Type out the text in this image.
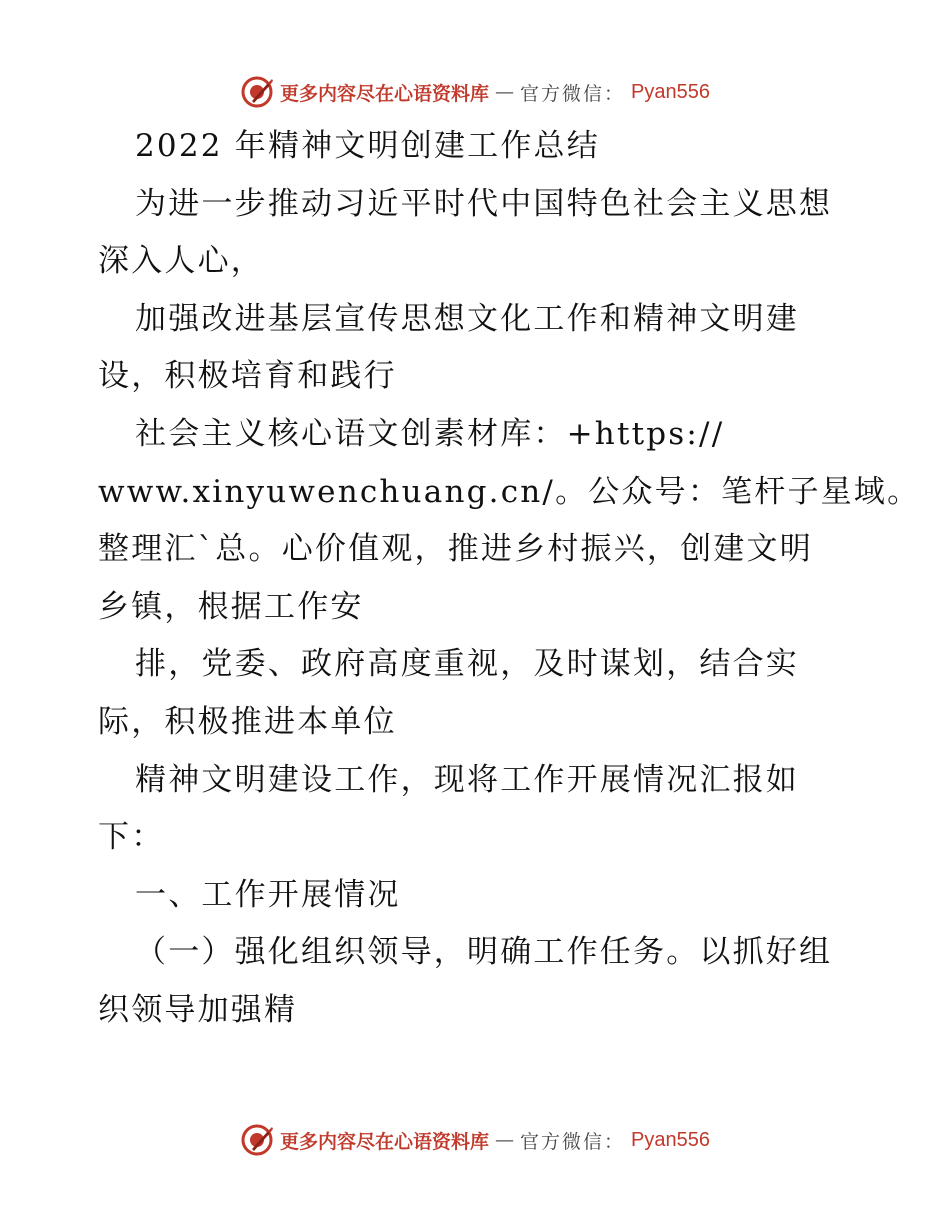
更多内容尽在心语资料库 — 官方微信： Pyan556
2022 年精神文明创建工作总结
为进一步推动习近平时代中国特色社会主义思想
深入人心，
加强改进基层宣传思想文化工作和精神文明建
设，积极培育和践行
社会主义核心语文创素材库：+https://
www.xinyuwenchuang.cn/。公众号：笔杆子星域。
整理汇`总。心价值观，推进乡村振兴，创建文明
乡镇，根据工作安
排，党委、政府高度重视，及时谋划，结合实
际，积极推进本单位
精神文明建设工作，现将工作开展情况汇报如
下：
一、工作开展情况
（一）强化组织领导，明确工作任务。以抓好组
织领导加强精
更多内容尽在心语资料库 — 官方微信： Pyan556
